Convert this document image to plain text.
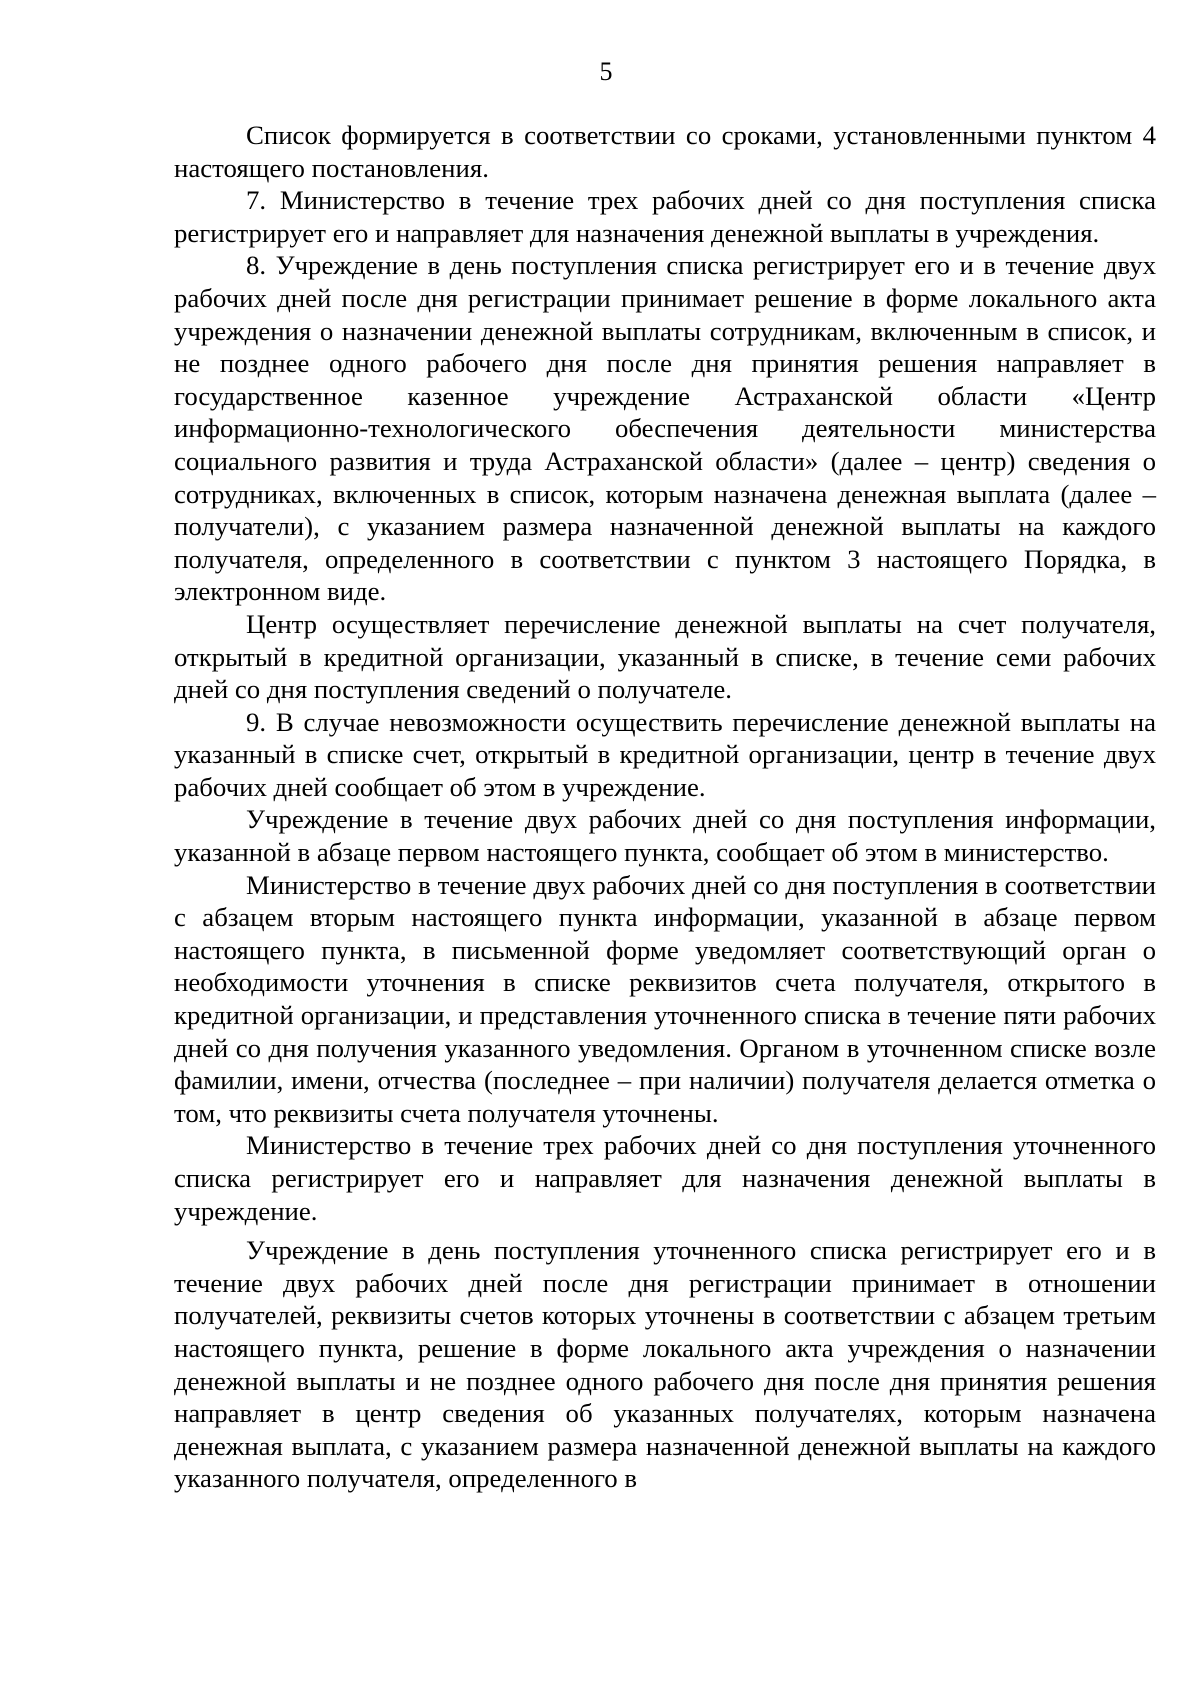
5

Список формируется в соответствии со сроками, установленными пунктом 4 настоящего постановления.

7. Министерство в течение трех рабочих дней со дня поступления списка регистрирует его и направляет для назначения денежной выплаты в учреждения.

8. Учреждение в день поступления списка регистрирует его и в течение двух рабочих дней после дня регистрации принимает решение в форме локального акта учреждения о назначении денежной выплаты сотрудникам, включенным в список, и не позднее одного рабочего дня после дня принятия решения направляет в государственное казенное учреждение Астраханской области «Центр информационно-технологического обеспечения деятельности министерства социального развития и труда Астраханской области» (далее – центр) сведения о сотрудниках, включенных в список, которым назначена денежная выплата (далее – получатели), с указанием размера назначенной денежной выплаты на каждого получателя, определенного в соответствии с пунктом 3 настоящего Порядка, в электронном виде.

Центр осуществляет перечисление денежной выплаты на счет получателя, открытый в кредитной организации, указанный в списке, в течение семи рабочих дней со дня поступления сведений о получателе.

9. В случае невозможности осуществить перечисление денежной выплаты на указанный в списке счет, открытый в кредитной организации, центр в течение двух рабочих дней сообщает об этом в учреждение.

Учреждение в течение двух рабочих дней со дня поступления информации, указанной в абзаце первом настоящего пункта, сообщает об этом в министерство.

Министерство в течение двух рабочих дней со дня поступления в соответствии с абзацем вторым настоящего пункта информации, указанной в абзаце первом настоящего пункта, в письменной форме уведомляет соответствующий орган о необходимости уточнения в списке реквизитов счета получателя, открытого в кредитной организации, и представления уточненного списка в течение пяти рабочих дней со дня получения указанного уведомления. Органом в уточненном списке возле фамилии, имени, отчества (последнее – при наличии) получателя делается отметка о том, что реквизиты счета получателя уточнены.

Министерство в течение трех рабочих дней со дня поступления уточненного списка регистрирует его и направляет для назначения денежной выплаты в учреждение.

Учреждение в день поступления уточненного списка регистрирует его и в течение двух рабочих дней после дня регистрации принимает в отношении получателей, реквизиты счетов которых уточнены в соответствии с абзацем третьим настоящего пункта, решение в форме локального акта учреждения о назначении денежной выплаты и не позднее одного рабочего дня после дня принятия решения направляет в центр сведения об указанных получателях, которым назначена денежная выплата, с указанием размера назначенной денежной выплаты на каждого указанного получателя, определенного в
